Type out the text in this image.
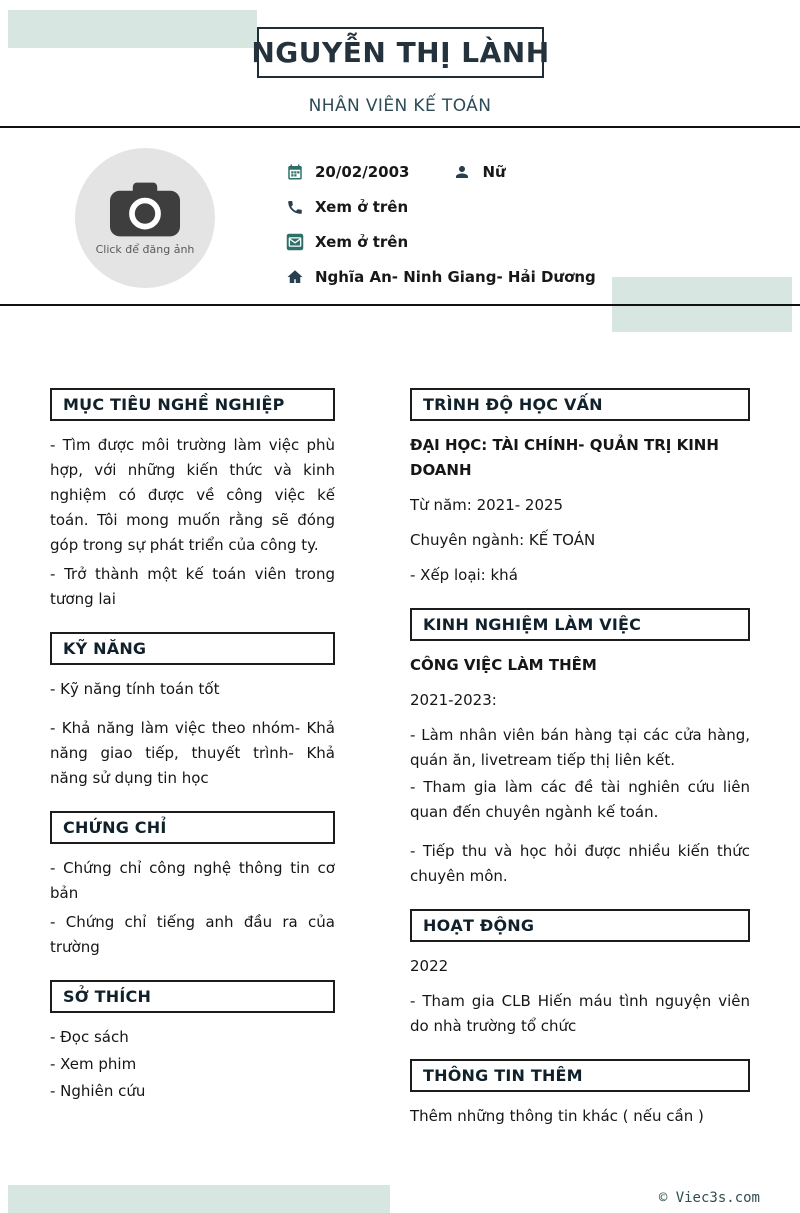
NGUYỄN THỊ LÀNH
NHÂN VIÊN KẾ TOÁN
Click để đăng ảnh
20/02/2003	Nữ
Xem ở trên
Xem ở trên
Nghĩa An- Ninh Giang- Hải Dương
MỤC TIÊU NGHỀ NGHIỆP

- Tìm được môi trường làm việc phù hợp, với những kiến thức và kinh nghiệm có được về công việc kế toán. Tôi mong muốn rằng sẽ đóng góp trong sự phát triển của công ty.

- Trở thành một kế toán viên trong tương lai

KỸ NĂNG

- Kỹ năng tính toán tốt

- Khả năng làm việc theo nhóm- Khả năng giao tiếp, thuyết trình- Khả năng sử dụng tin học

CHỨNG CHỈ

- Chứng chỉ công nghệ thông tin cơ bản

- Chứng chỉ tiếng anh đầu ra của trường

SỞ THÍCH

- Đọc sách

- Xem phim

- Nghiên cứu

TRÌNH ĐỘ HỌC VẤN

ĐẠI HỌC: TÀI CHÍNH- QUẢN TRỊ KINH DOANH

Từ năm: 2021- 2025

Chuyên ngành: KẾ TOÁN

- Xếp loại: khá

KINH NGHIỆM LÀM VIỆC

CÔNG VIỆC LÀM THÊM

2021-2023:

- Làm nhân viên bán hàng tại các cửa hàng, quán ăn, livetream tiếp thị liên kết.

- Tham gia làm các đề tài nghiên cứu liên quan đến chuyên ngành kế toán.

- Tiếp thu và học hỏi được nhiều kiến thức chuyên môn.

HOẠT ĐỘNG

2022

- Tham gia CLB Hiến máu tình nguyện viên do nhà trường tổ chức

THÔNG TIN THÊM

Thêm những thông tin khác ( nếu cần )

© Viec3s.com
